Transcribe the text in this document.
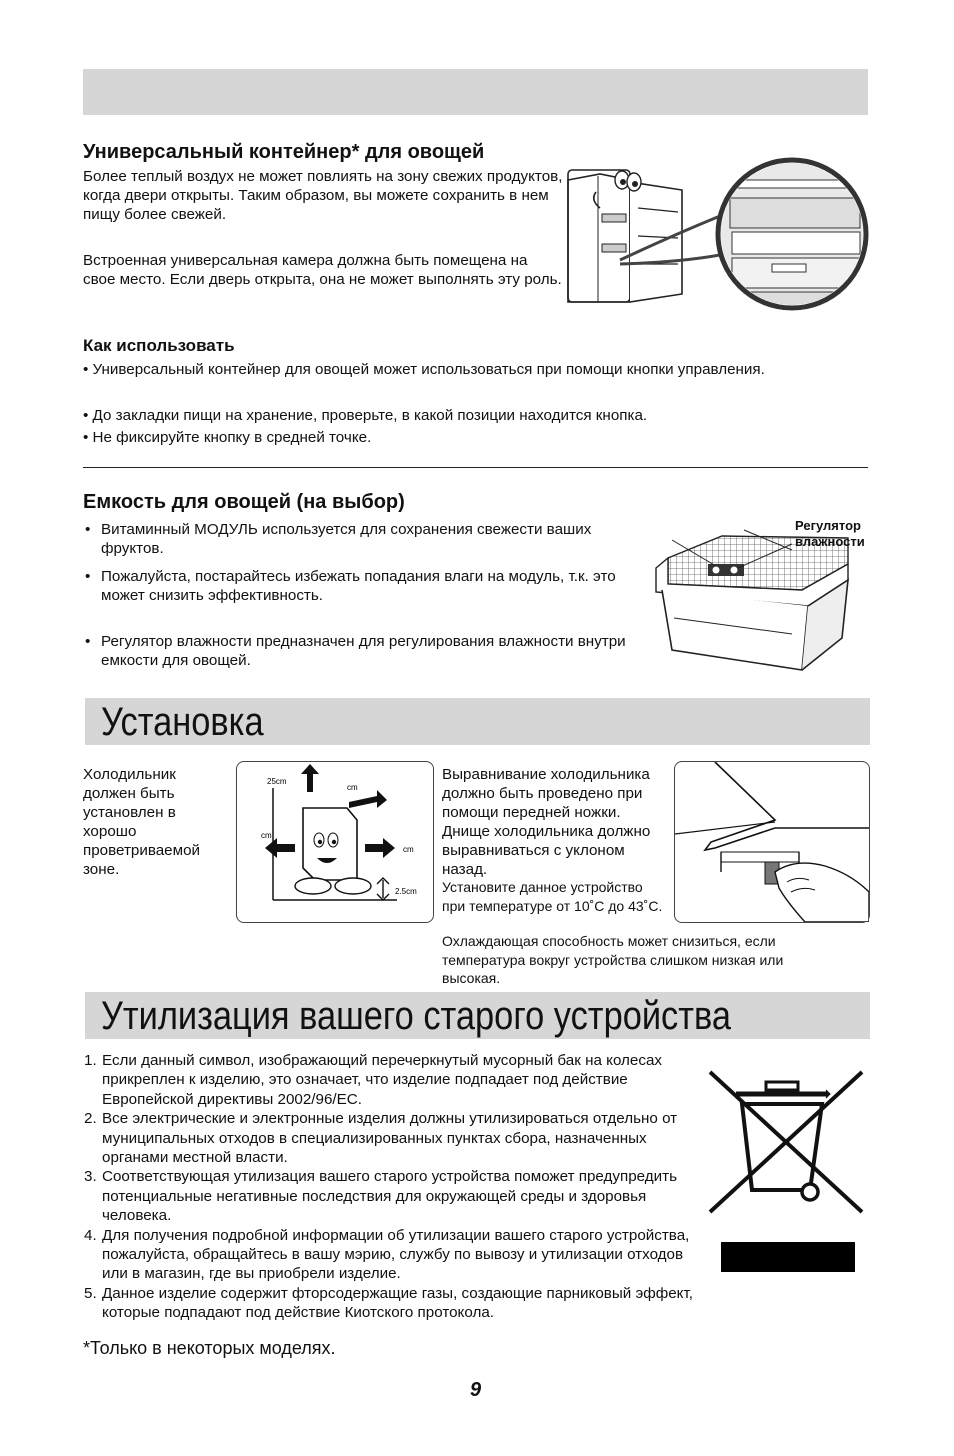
Универсальный контейнер* для овощей
Более теплый воздух не может повлиять на зону свежих продуктов, когда двери открыты. Таким образом, вы можете сохранить в нем пищу более свежей.
Встроенная универсальная камера должна быть помещена на свое место. Если дверь открыта, она не может выполнять эту роль.
Как использовать
• Универсальный контейнер для овощей может использоваться при помощи кнопки управления.
• До закладки пищи на хранение, проверьте, в какой позиции находится кнопка.
• Не фиксируйте кнопку в средней точке.
Емкость для овощей (на выбор)
• Витаминный МОДУЛЬ используется для сохранения свежести ваших фруктов.
• Пожалуйста, постарайтесь избежать попадания влаги на модуль, т.к. это может снизить эффективность.
• Регулятор влажности предназначен для регулирования влажности внутри емкости для овощей.
Регулятор влажности
Установка
Холодильник должен быть установлен в хорошо проветриваемой зоне.
25cm
cm
cm
cm
2.5cm
Выравнивание холодильника должно быть проведено при помощи передней ножки. Днище холодильника должно выравниваться с уклоном назад.
Установите данное устройство при температуре от 10˚C до 43˚C.
Охлаждающая способность может снизиться, если температура вокруг устройства слишком низкая или высокая.
Утилизация вашего старого устройства
1. Если данный символ, изображающий перечеркнутый мусорный бак на колесах прикреплен к изделию, это означает, что изделие подпадает под действие Европейской директивы 2002/96/EC.
2. Все электрические и электронные изделия должны утилизироваться отдельно от муниципальных отходов в специализированных пунктах сбора, назначенных органами местной власти.
3. Соответствующая утилизация вашего старого устройства поможет предупредить потенциальные негативные последствия для окружающей среды и здоровья человека.
4. Для получения подробной информации об утилизации вашего старого устройства, пожалуйста, обращайтесь в вашу мэрию, службу по вывозу и утилизации отходов или в магазин, где вы приобрели изделие.
5. Данное изделие содержит фторсодержащие газы, создающие парниковый эффект, которые подпадают под действие Киотского протокола.
*Только в некоторых моделях.
9
